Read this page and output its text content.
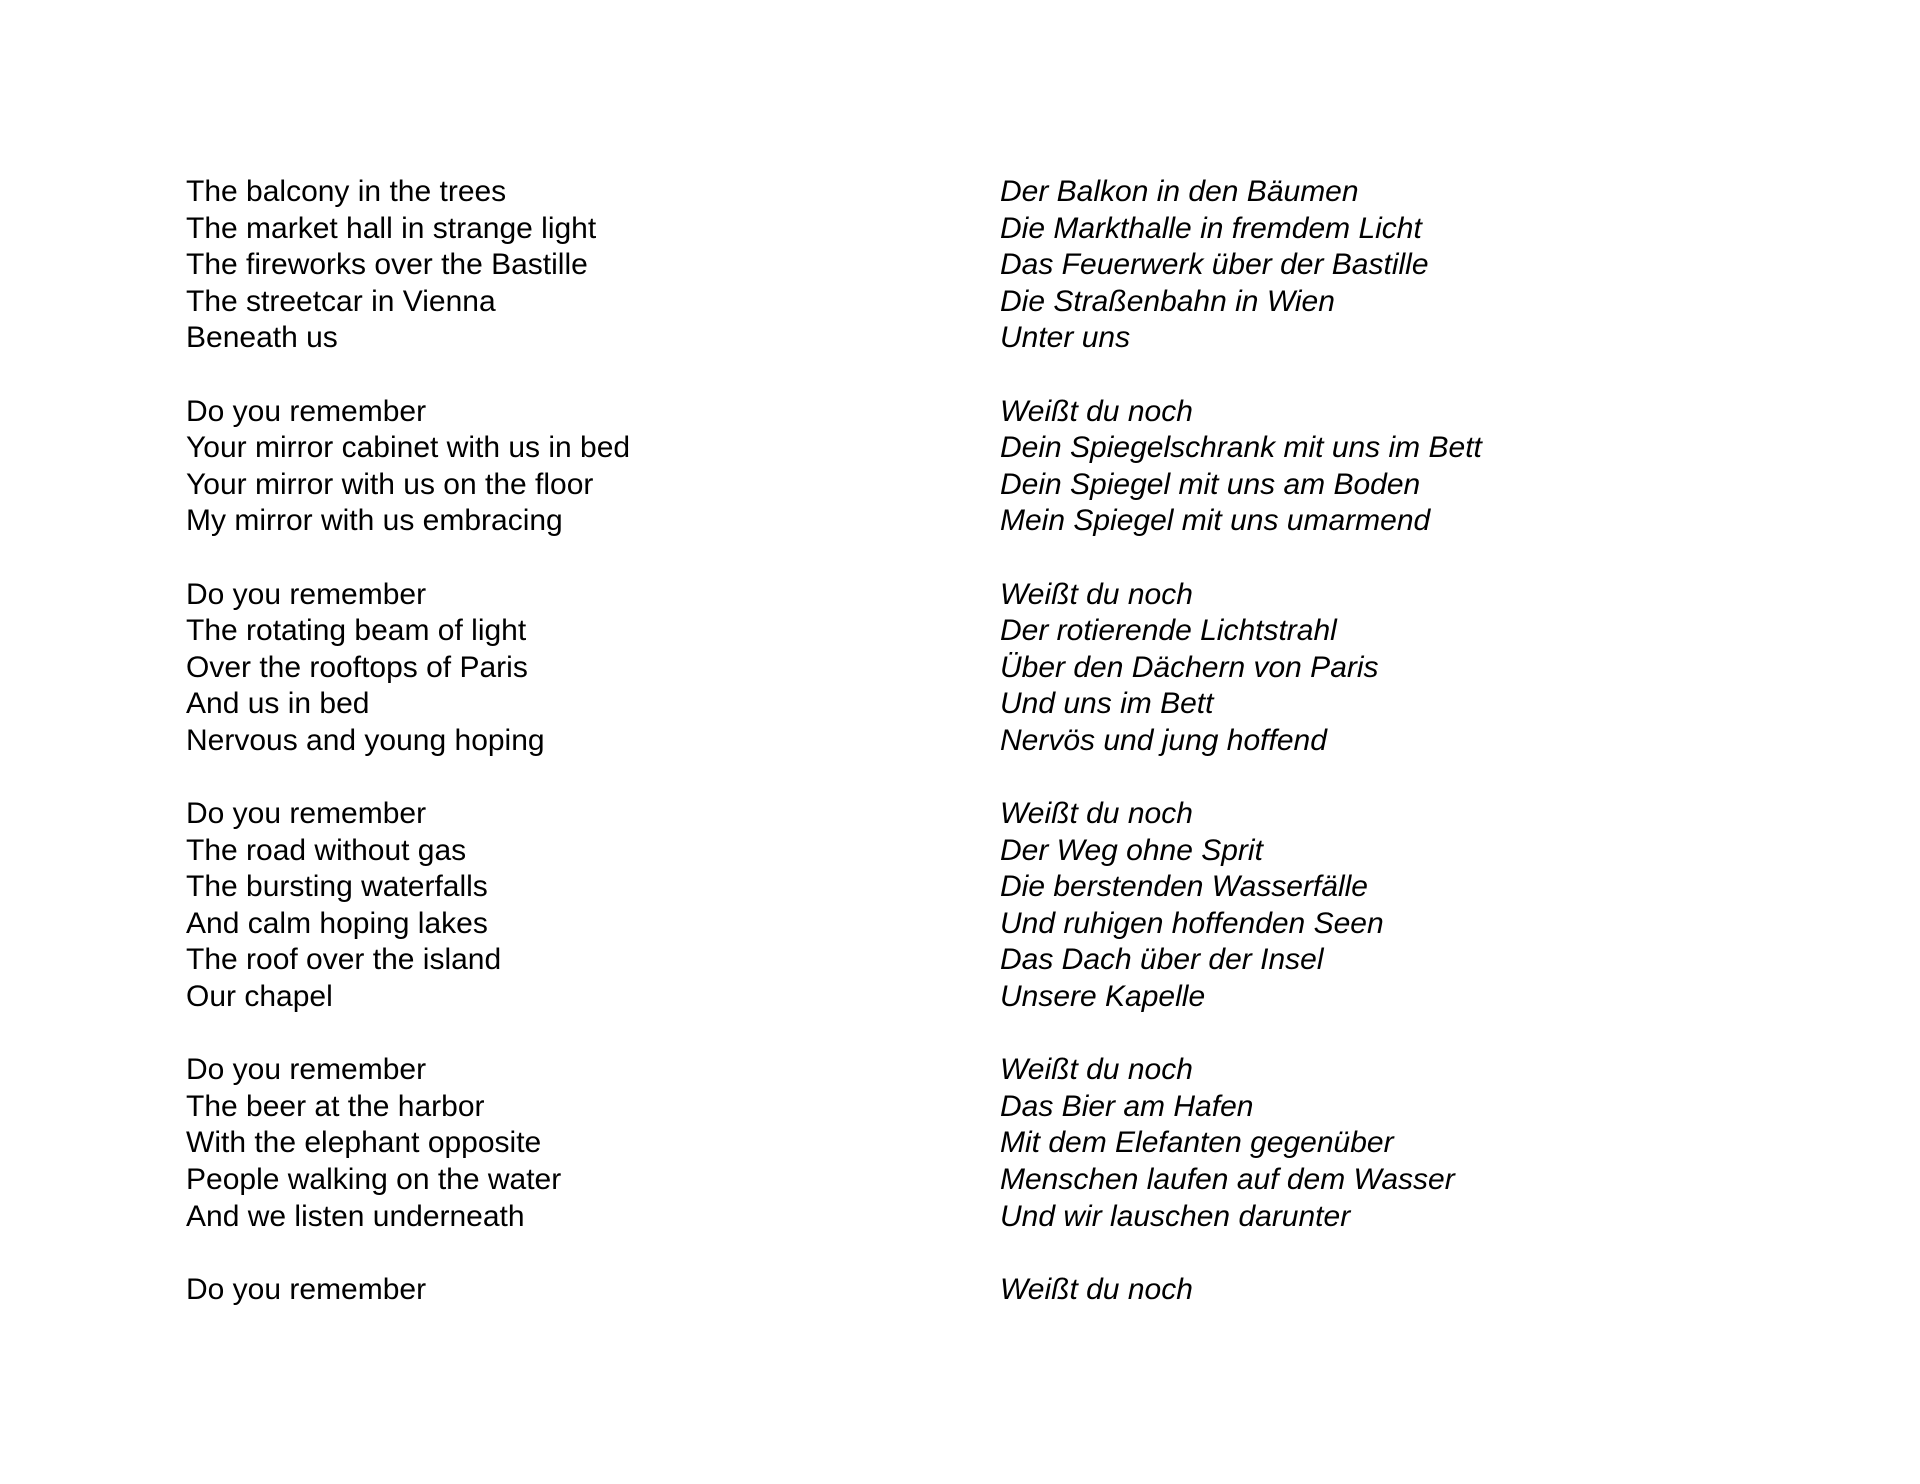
The balcony in the trees
The market hall in strange light
The fireworks over the Bastille
The streetcar in Vienna
Beneath us
Do you remember
Your mirror cabinet with us in bed
Your mirror with us on the floor
My mirror with us embracing
Do you remember
The rotating beam of light
Over the rooftops of Paris
And us in bed
Nervous and young hoping
Do you remember
The road without gas
The bursting waterfalls
And calm hoping lakes
The roof over the island
Our chapel
Do you remember
The beer at the harbor
With the elephant opposite
People walking on the water
And we listen underneath
Do you remember
Der Balkon in den Bäumen
Die Markthalle in fremdem Licht
Das Feuerwerk über der Bastille
Die Straßenbahn in Wien
Unter uns
Weißt du noch
Dein Spiegelschrank mit uns im Bett
Dein Spiegel mit uns am Boden
Mein Spiegel mit uns umarmend
Weißt du noch
Der rotierende Lichtstrahl
Über den Dächern von Paris
Und uns im Bett
Nervös und jung hoffend
Weißt du noch
Der Weg ohne Sprit
Die berstenden Wasserfälle
Und ruhigen hoffenden Seen
Das Dach über der Insel
Unsere Kapelle
Weißt du noch
Das Bier am Hafen
Mit dem Elefanten gegenüber
Menschen laufen auf dem Wasser
Und wir lauschen darunter
Weißt du noch
